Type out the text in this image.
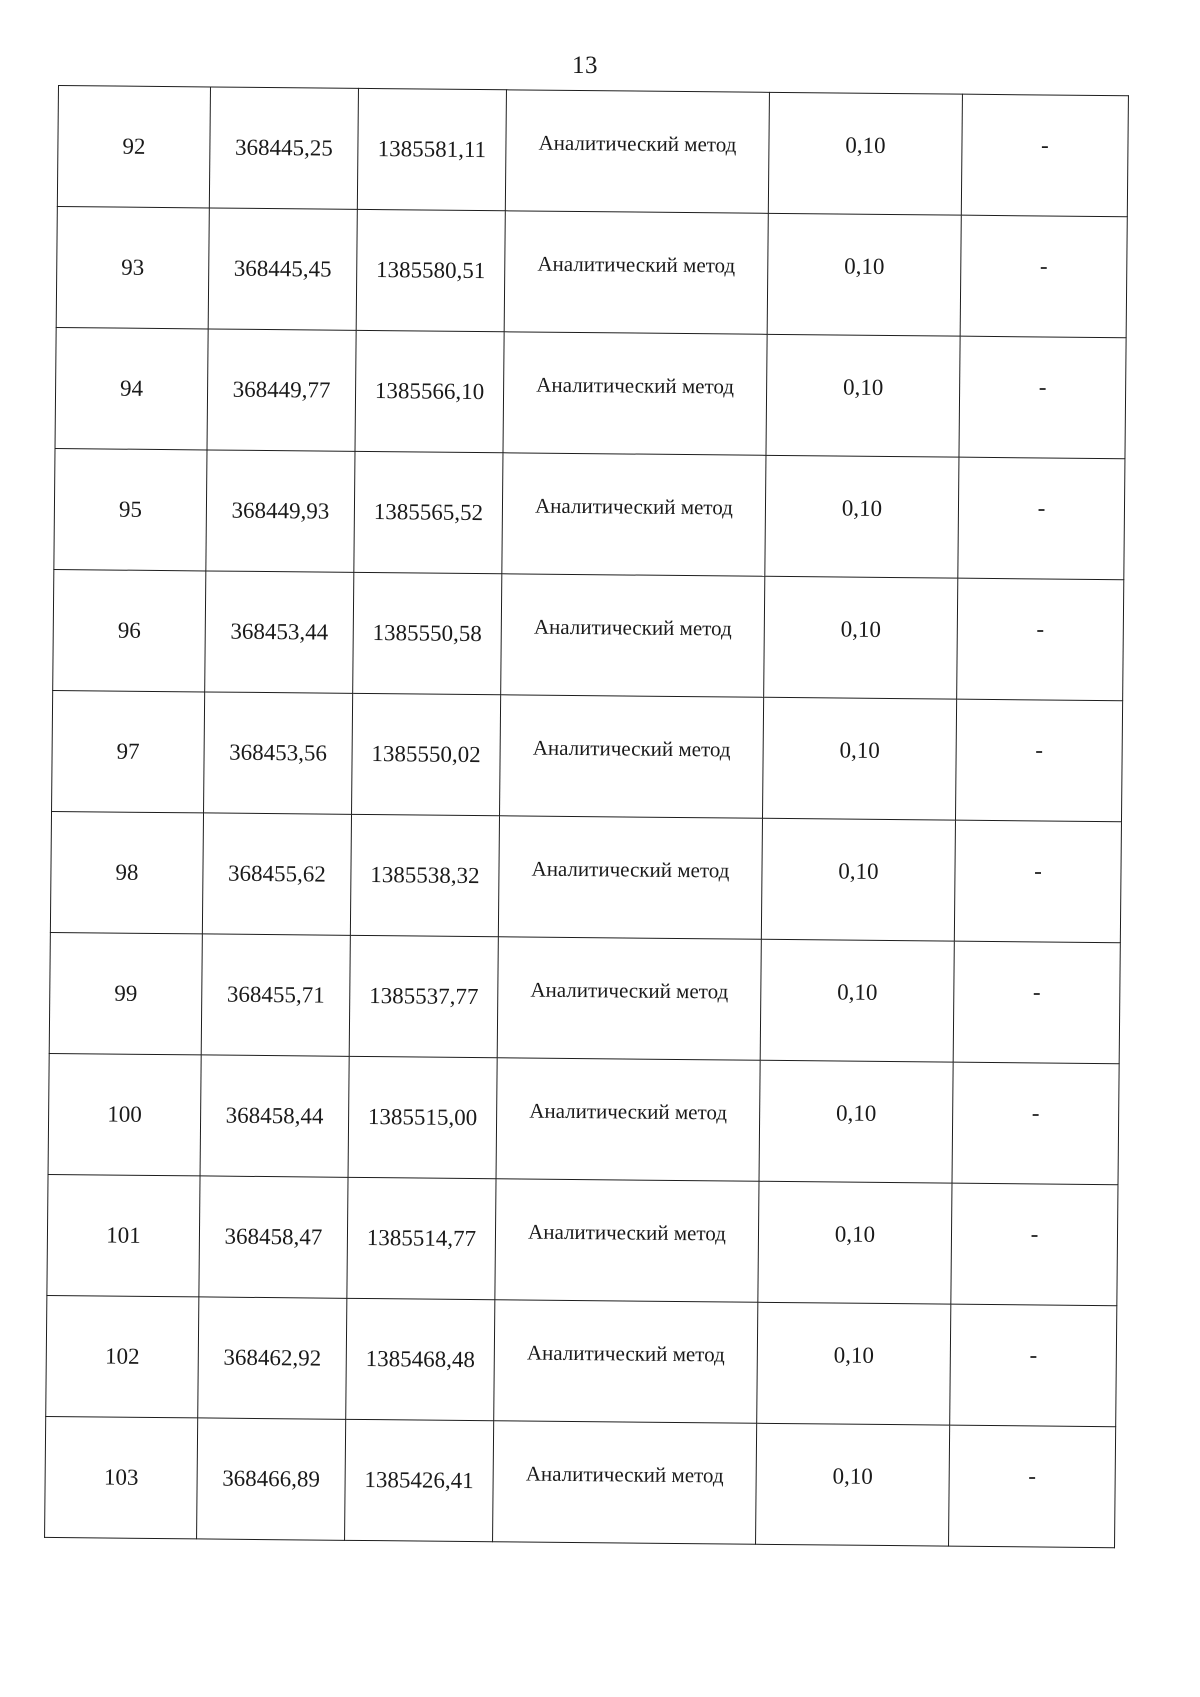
13
92	368445,25	1385581,11	Аналитический метод	0,10	-
93	368445,45	1385580,51	Аналитический метод	0,10	-
94	368449,77	1385566,10	Аналитический метод	0,10	-
95	368449,93	1385565,52	Аналитический метод	0,10	-
96	368453,44	1385550,58	Аналитический метод	0,10	-
97	368453,56	1385550,02	Аналитический метод	0,10	-
98	368455,62	1385538,32	Аналитический метод	0,10	-
99	368455,71	1385537,77	Аналитический метод	0,10	-
100	368458,44	1385515,00	Аналитический метод	0,10	-
101	368458,47	1385514,77	Аналитический метод	0,10	-
102	368462,92	1385468,48	Аналитический метод	0,10	-
103	368466,89	1385426,41	Аналитический метод	0,10	-
